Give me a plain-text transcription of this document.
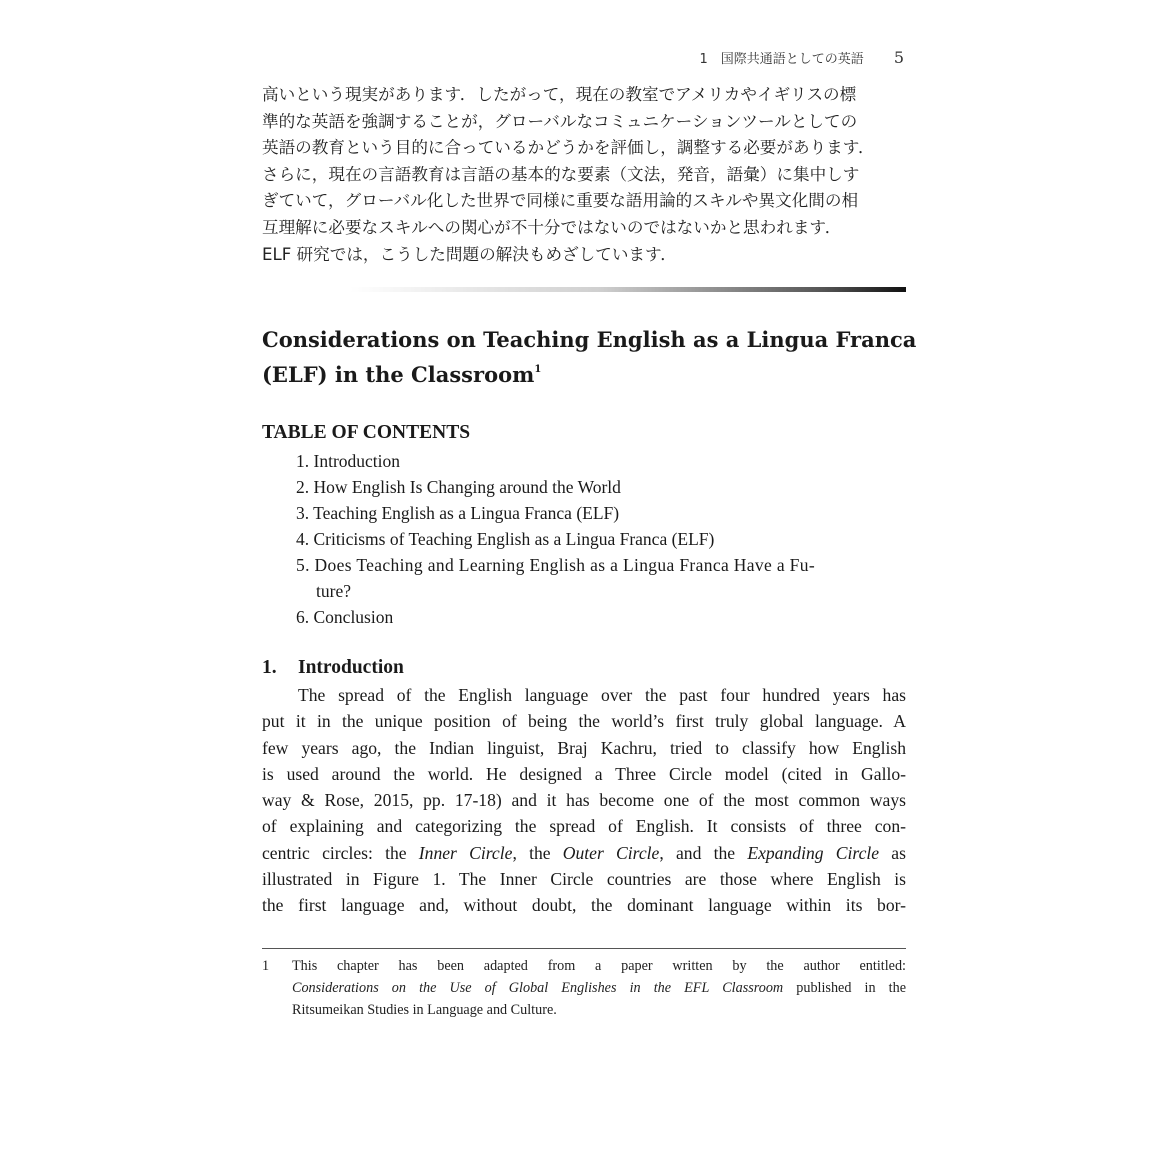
1　国際共通語としての英語 5
高いという現実があります．したがって，現在の教室でアメリカやイギリスの標
準的な英語を強調することが，グローバルなコミュニケーションツールとしての
英語の教育という目的に合っているかどうかを評価し，調整する必要があります．
さらに，現在の言語教育は言語の基本的な要素（文法，発音，語彙）に集中しす
ぎていて，グローバル化した世界で同様に重要な語用論的スキルや異文化間の相
互理解に必要なスキルへの関心が不十分ではないのではないかと思われます．
ELF 研究では，こうした問題の解決もめざしています．
Considerations on Teaching English as a Lingua Franca
(ELF) in the Classroom$^1$
TABLE OF CONTENTS
1. Introduction
2. How English Is Changing around the World
3. Teaching English as a Lingua Franca (ELF)
4. Criticisms of Teaching English as a Lingua Franca (ELF)
5. Does Teaching and Learning English as a Lingua Franca Have a Fu-
ture?
6. Conclusion
1. Introduction
The spread of the English language over the past four hundred years has
put it in the unique position of being the world’s first truly global language. A
few years ago, the Indian linguist, Braj Kachru, tried to classify how English
is used around the world. He designed a Three Circle model (cited in Gallo-
way & Rose, 2015, pp. 17-18) and it has become one of the most common ways
of explaining and categorizing the spread of English. It consists of three con-
centric circles: the Inner Circle, the Outer Circle, and the Expanding Circle as
illustrated in Figure 1. The Inner Circle countries are those where English is
the first language and, without doubt, the dominant language within its bor-
1 This chapter has been adapted from a paper written by the author entitled:
Considerations on the Use of Global Englishes in the EFL Classroom published in the
Ritsumeikan Studies in Language and Culture.
